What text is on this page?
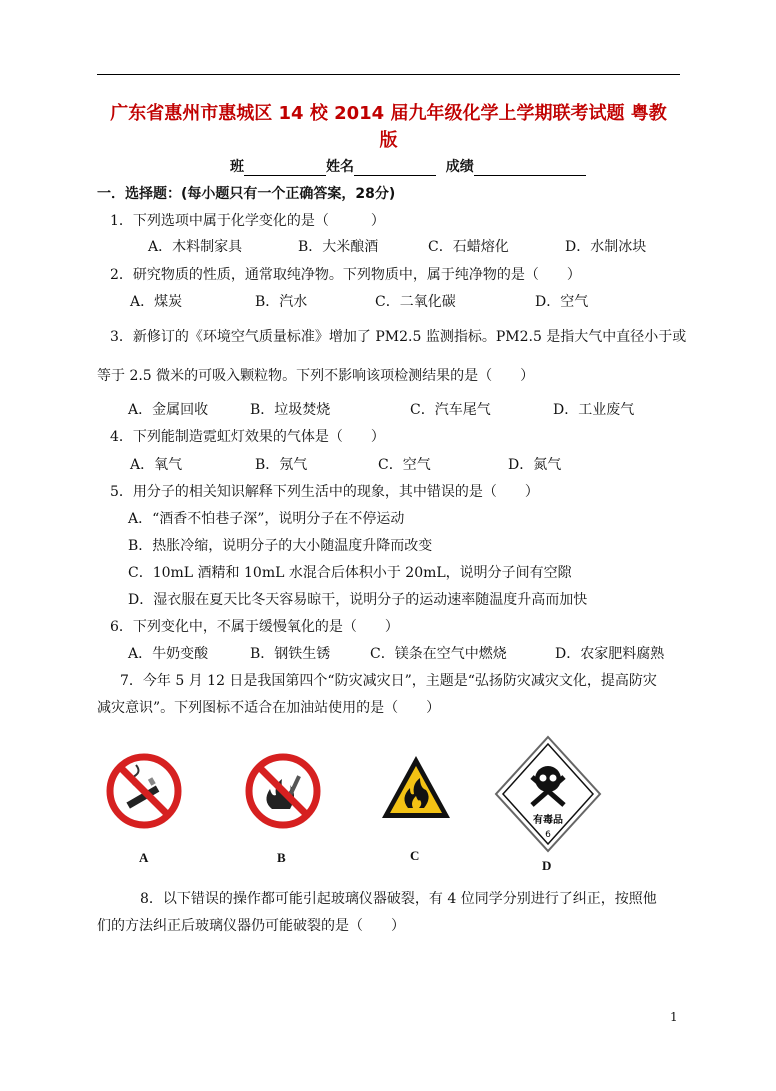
广东省惠州市惠城区 14 校 2014 届九年级化学上学期联考试题 粤教
版
班	姓名	成绩
一．选择题：(每小题只有一个正确答案，28分)
1．下列选项中属于化学变化的是（　　　）
A．木料制家具	B．大米酿酒	C．石蜡熔化	D．水制冰块
2．研究物质的性质，通常取纯净物。下列物质中，属于纯净物的是（　　）
A．煤炭	B．汽水	C．二氧化碳	D．空气
3．新修订的《环境空气质量标准》增加了 PM2.5 监测指标。PM2.5 是指大气中直径小于或
等于 2.5 微米的可吸入颗粒物。下列不影响该项检测结果的是（　　）
A．金属回收	B．垃圾焚烧	C．汽车尾气	D．工业废气
4．下列能制造霓虹灯效果的气体是（　　）
A．氧气	B．氖气	C．空气	D．氮气
5．用分子的相关知识解释下列生活中的现象，其中错误的是（　　）
A．“酒香不怕巷子深”，说明分子在不停运动
B．热胀冷缩，说明分子的大小随温度升降而改变
C．10mL 酒精和 10mL 水混合后体积小于 20mL，说明分子间有空隙
D．湿衣服在夏天比冬天容易晾干，说明分子的运动速率随温度升高而加快
6．下列变化中，不属于缓慢氧化的是（　　）
A．牛奶变酸	B．钢铁生锈	C．镁条在空气中燃烧	D．农家肥料腐熟
7．今年 5 月 12 日是我国第四个“防灾减灾日”，主题是“弘扬防灾减灾文化，提高防灾
减灾意识”。下列图标不适合在加油站使用的是（　　）
A	B	C
有毒品
6
D
8．以下错误的操作都可能引起玻璃仪器破裂，有 4 位同学分别进行了纠正，按照他
们的方法纠正后玻璃仪器仍可能破裂的是（　　）
1
